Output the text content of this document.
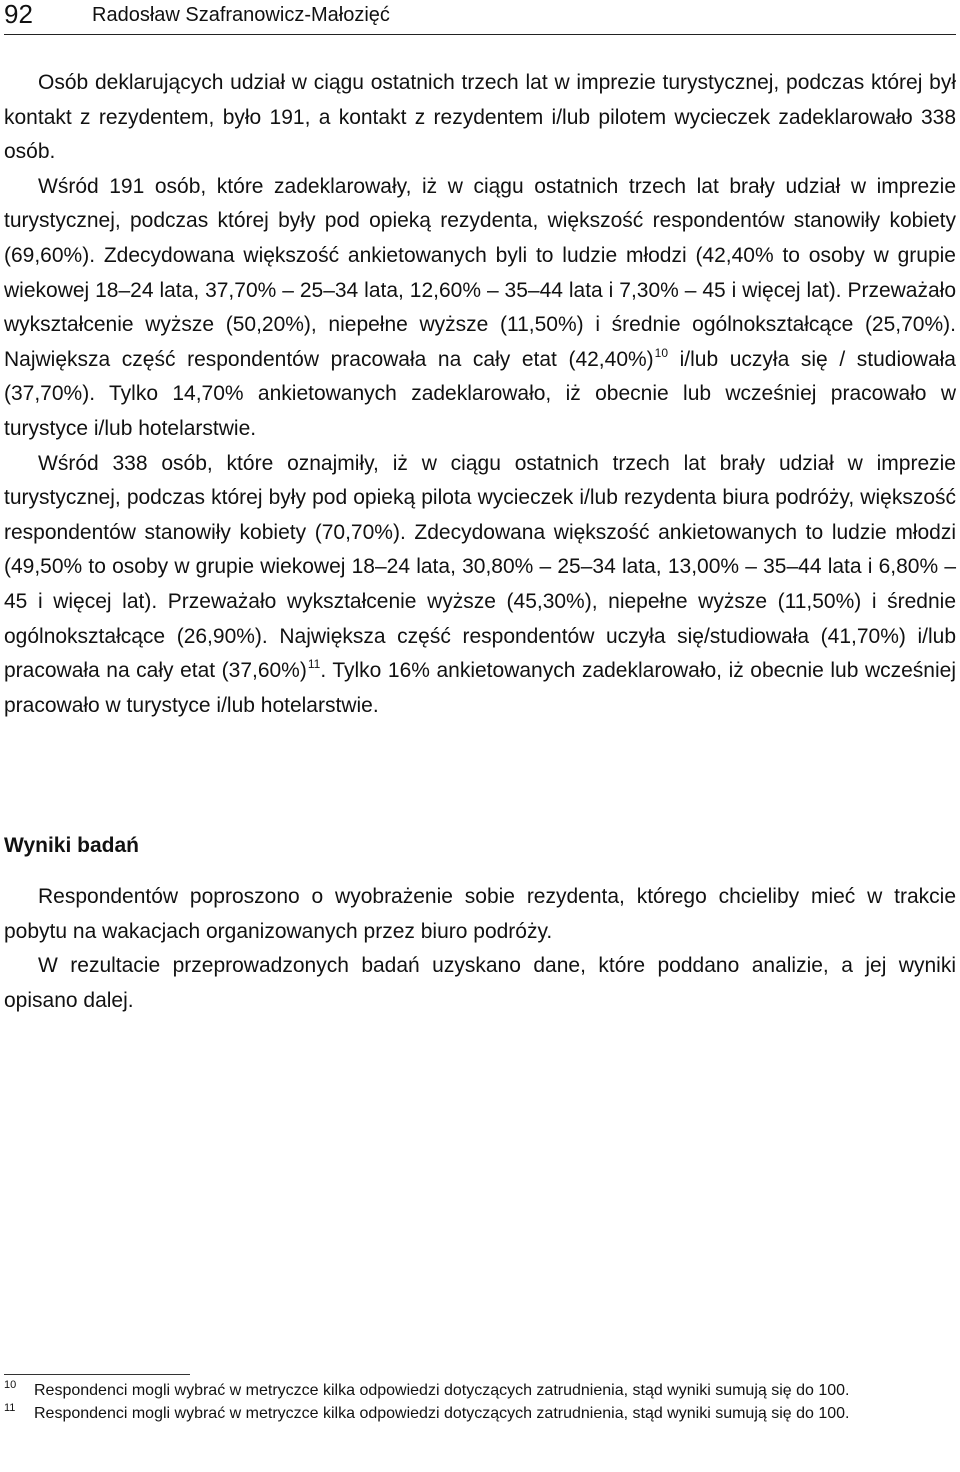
92	Radosław Szafranowicz-Małozięć

Osób deklarujących udział w ciągu ostatnich trzech lat w imprezie turystycznej, podczas której był kontakt z rezydentem, było 191, a kontakt z rezydentem i/lub pilotem wycieczek zadeklarowało 338 osób.

Wśród 191 osób, które zadeklarowały, iż w ciągu ostatnich trzech lat brały udział w imprezie turystycznej, podczas której były pod opieką rezydenta, większość respondentów stanowiły kobiety (69,60%). Zdecydowana większość ankietowanych byli to ludzie młodzi (42,40% to osoby w grupie wiekowej 18–24 lata, 37,70% – 25–34 lata, 12,60% – 35–44 lata i 7,30% – 45 i więcej lat). Przeważało wykształcenie wyższe (50,20%), niepełne wyższe (11,50%) i średnie ogólnokształcące (25,70%). Największa część respondentów pracowała na cały etat (42,40%)$^{10}$ i/lub uczyła się / studiowała (37,70%). Tylko 14,70% ankietowanych zadeklarowało, iż obecnie lub wcześniej pracowało w turystyce i/lub hotelarstwie.

Wśród 338 osób, które oznajmiły, iż w ciągu ostatnich trzech lat brały udział w imprezie turystycznej, podczas której były pod opieką pilota wycieczek i/lub rezydenta biura podróży, większość respondentów stanowiły kobiety (70,70%). Zdecydowana większość ankietowanych to ludzie młodzi (49,50% to osoby w grupie wiekowej 18–24 lata, 30,80% – 25–34 lata, 13,00% – 35–44 lata i 6,80% – 45 i więcej lat). Przeważało wykształcenie wyższe (45,30%), niepełne wyższe (11,50%) i średnie ogólnokształcące (26,90%). Największa część respondentów uczyła się/studiowała (41,70%) i/lub pracowała na cały etat (37,60%)$^{11}$. Tylko 16% ankietowanych zadeklarowało, iż obecnie lub wcześniej pracowało w turystyce i/lub hotelarstwie.

Wyniki badań

Respondentów poproszono o wyobrażenie sobie rezydenta, którego chcieliby mieć w trakcie pobytu na wakacjach organizowanych przez biuro podróży.

W rezultacie przeprowadzonych badań uzyskano dane, które poddano analizie, a jej wyniki opisano dalej.

10 Respondenci mogli wybrać w metryczce kilka odpowiedzi dotyczących zatrudnienia, stąd wyniki sumują się do 100.

11 Respondenci mogli wybrać w metryczce kilka odpowiedzi dotyczących zatrudnienia, stąd wyniki sumują się do 100.
